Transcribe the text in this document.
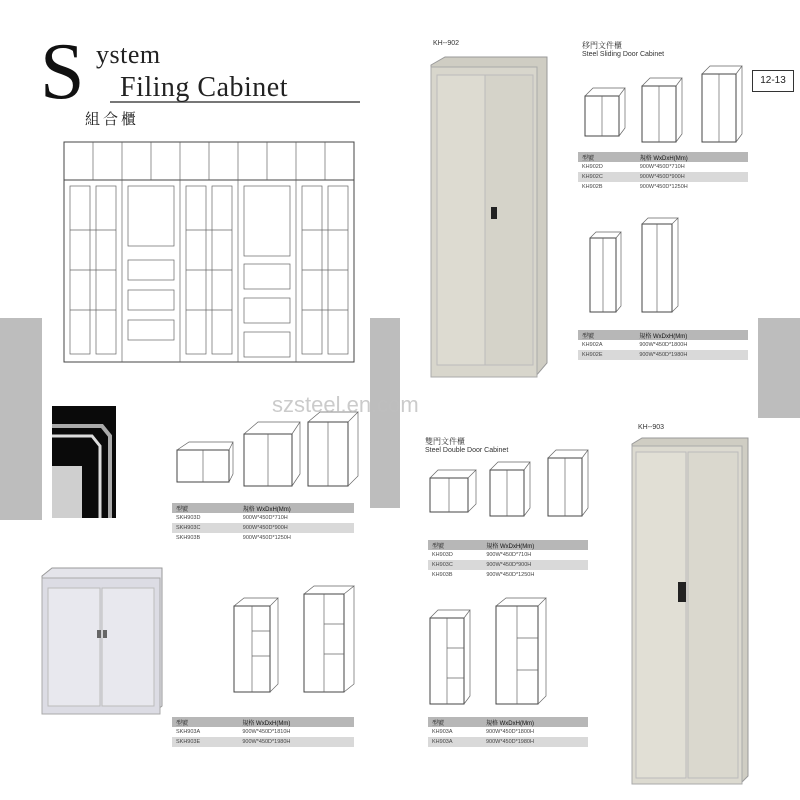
S ystem
Filing Cabinet
組合櫃
12-13
型號	規格 WxDxH(Mm)
SKH903D	900W*450D*710H
SKH903C	900W*450D*900H
SKH903B	900W*450D*1250H
型號	規格 WxDxH(Mm)
SKH903A	900W*450D*1810H
SKH903E	900W*450D*1980H
KH--902	移門文件櫃
Steel Sliding Door Cabinet
型號	規格 WxDxH(Mm)
KH902D	900W*450D*710H
KH902C	900W*450D*900H
KH902B	900W*450D*1250H
型號	規格 WxDxH(Mm)
KH902A	900W*450D*1800H
KH902E	900W*450D*1980H
szsteel.en.com
雙門文件櫃
Steel Double Door Cabinet
型號	規格 WxDxH(Mm)
KH903D	900W*450D*710H
KH903C	900W*450D*900H
KH903B	900W*450D*1250H
型號	規格 WxDxH(Mm)
KH903A	900W*450D*1800H
KH903A	900W*450D*1980H
KH--903
